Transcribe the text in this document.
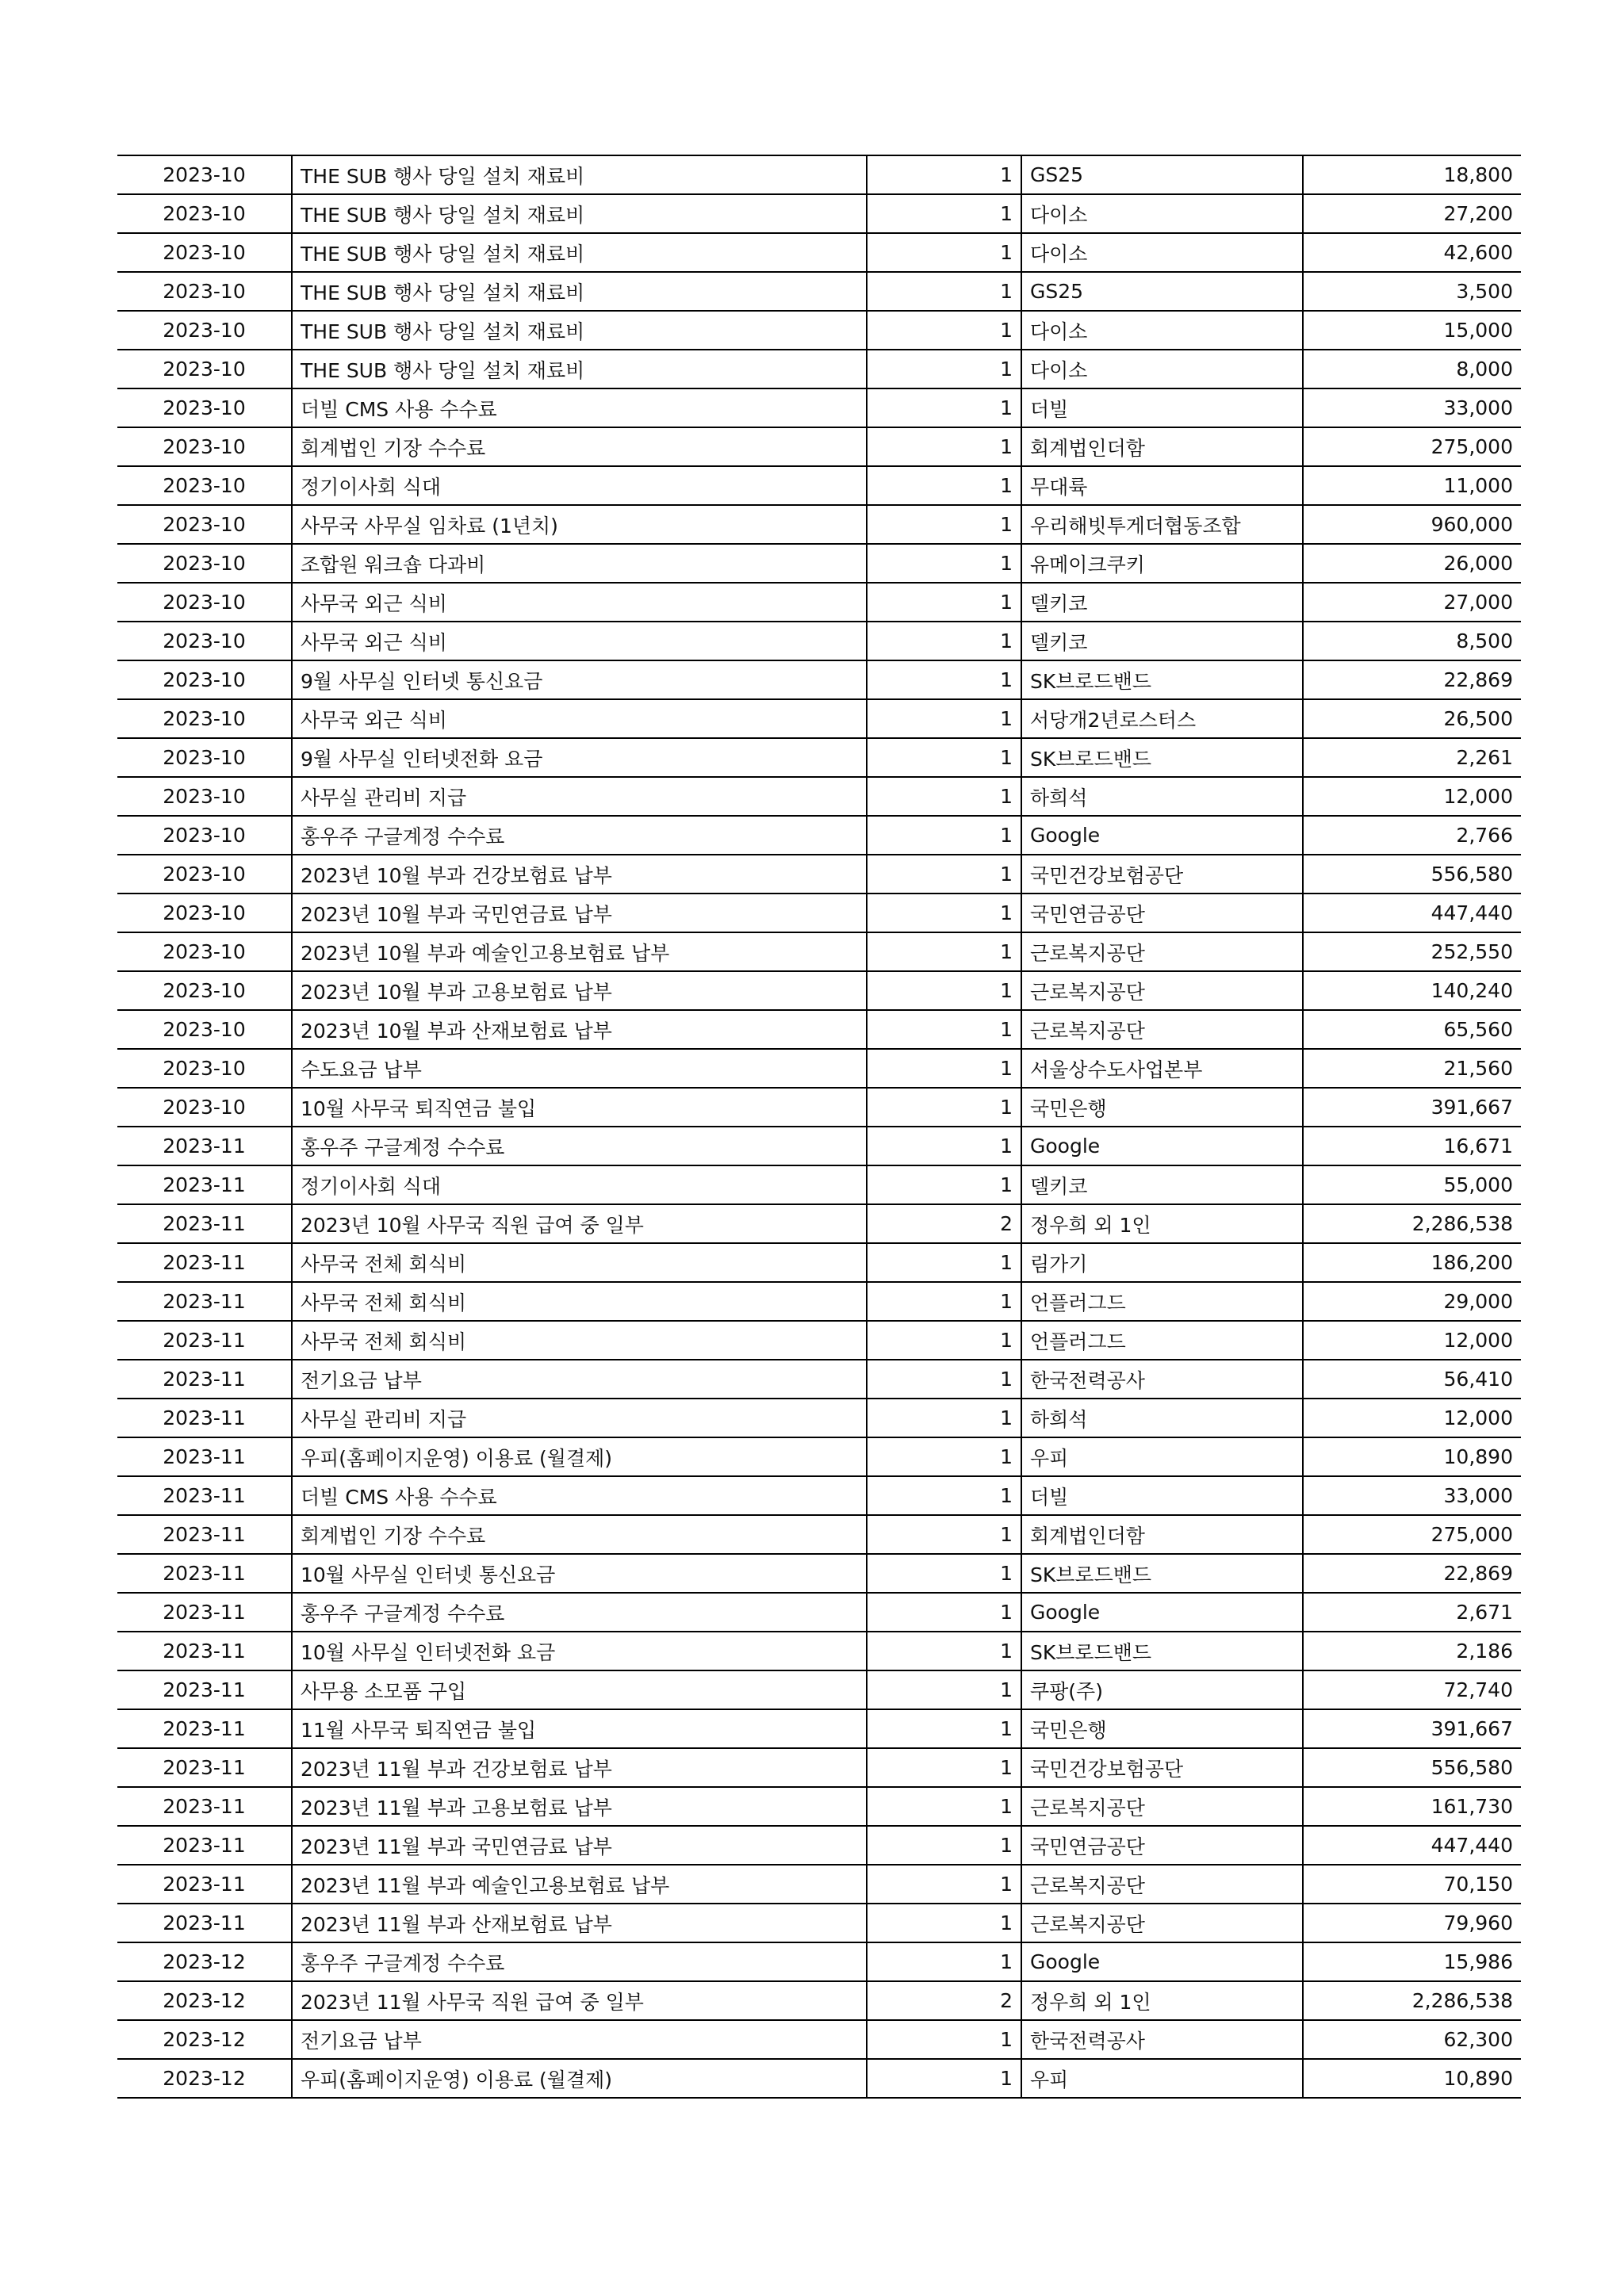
2023-10	THE SUB 행사 당일 설치 재료비	1	GS25	18,800
2023-10	THE SUB 행사 당일 설치 재료비	1	다이소	27,200
2023-10	THE SUB 행사 당일 설치 재료비	1	다이소	42,600
2023-10	THE SUB 행사 당일 설치 재료비	1	GS25	3,500
2023-10	THE SUB 행사 당일 설치 재료비	1	다이소	15,000
2023-10	THE SUB 행사 당일 설치 재료비	1	다이소	8,000
2023-10	더빌 CMS 사용 수수료	1	더빌	33,000
2023-10	회계법인 기장 수수료	1	회계법인더함	275,000
2023-10	정기이사회 식대	1	무대륙	11,000
2023-10	사무국 사무실 임차료 (1년치)	1	우리해빗투게더협동조합	960,000
2023-10	조합원 워크숍 다과비	1	유메이크쿠키	26,000
2023-10	사무국 외근 식비	1	델키코	27,000
2023-10	사무국 외근 식비	1	델키코	8,500
2023-10	9월 사무실 인터넷 통신요금	1	SK브로드밴드	22,869
2023-10	사무국 외근 식비	1	서당개2년로스터스	26,500
2023-10	9월 사무실 인터넷전화 요금	1	SK브로드밴드	2,261
2023-10	사무실 관리비 지급	1	하희석	12,000
2023-10	홍우주 구글계정 수수료	1	Google	2,766
2023-10	2023년 10월 부과 건강보험료 납부	1	국민건강보험공단	556,580
2023-10	2023년 10월 부과 국민연금료 납부	1	국민연금공단	447,440
2023-10	2023년 10월 부과 예술인고용보험료 납부	1	근로복지공단	252,550
2023-10	2023년 10월 부과 고용보험료 납부	1	근로복지공단	140,240
2023-10	2023년 10월 부과 산재보험료 납부	1	근로복지공단	65,560
2023-10	수도요금 납부	1	서울상수도사업본부	21,560
2023-10	10월 사무국 퇴직연금 불입	1	국민은행	391,667
2023-11	홍우주 구글계정 수수료	1	Google	16,671
2023-11	정기이사회 식대	1	델키코	55,000
2023-11	2023년 10월 사무국 직원 급여 중 일부	2	정우희 외 1인	2,286,538
2023-11	사무국 전체 회식비	1	림가기	186,200
2023-11	사무국 전체 회식비	1	언플러그드	29,000
2023-11	사무국 전체 회식비	1	언플러그드	12,000
2023-11	전기요금 납부	1	한국전력공사	56,410
2023-11	사무실 관리비 지급	1	하희석	12,000
2023-11	우피(홈페이지운영) 이용료 (월결제)	1	우피	10,890
2023-11	더빌 CMS 사용 수수료	1	더빌	33,000
2023-11	회계법인 기장 수수료	1	회계법인더함	275,000
2023-11	10월 사무실 인터넷 통신요금	1	SK브로드밴드	22,869
2023-11	홍우주 구글계정 수수료	1	Google	2,671
2023-11	10월 사무실 인터넷전화 요금	1	SK브로드밴드	2,186
2023-11	사무용 소모품 구입	1	쿠팡(주)	72,740
2023-11	11월 사무국 퇴직연금 불입	1	국민은행	391,667
2023-11	2023년 11월 부과 건강보험료 납부	1	국민건강보험공단	556,580
2023-11	2023년 11월 부과 고용보험료 납부	1	근로복지공단	161,730
2023-11	2023년 11월 부과 국민연금료 납부	1	국민연금공단	447,440
2023-11	2023년 11월 부과 예술인고용보험료 납부	1	근로복지공단	70,150
2023-11	2023년 11월 부과 산재보험료 납부	1	근로복지공단	79,960
2023-12	홍우주 구글계정 수수료	1	Google	15,986
2023-12	2023년 11월 사무국 직원 급여 중 일부	2	정우희 외 1인	2,286,538
2023-12	전기요금 납부	1	한국전력공사	62,300
2023-12	우피(홈페이지운영) 이용료 (월결제)	1	우피	10,890
